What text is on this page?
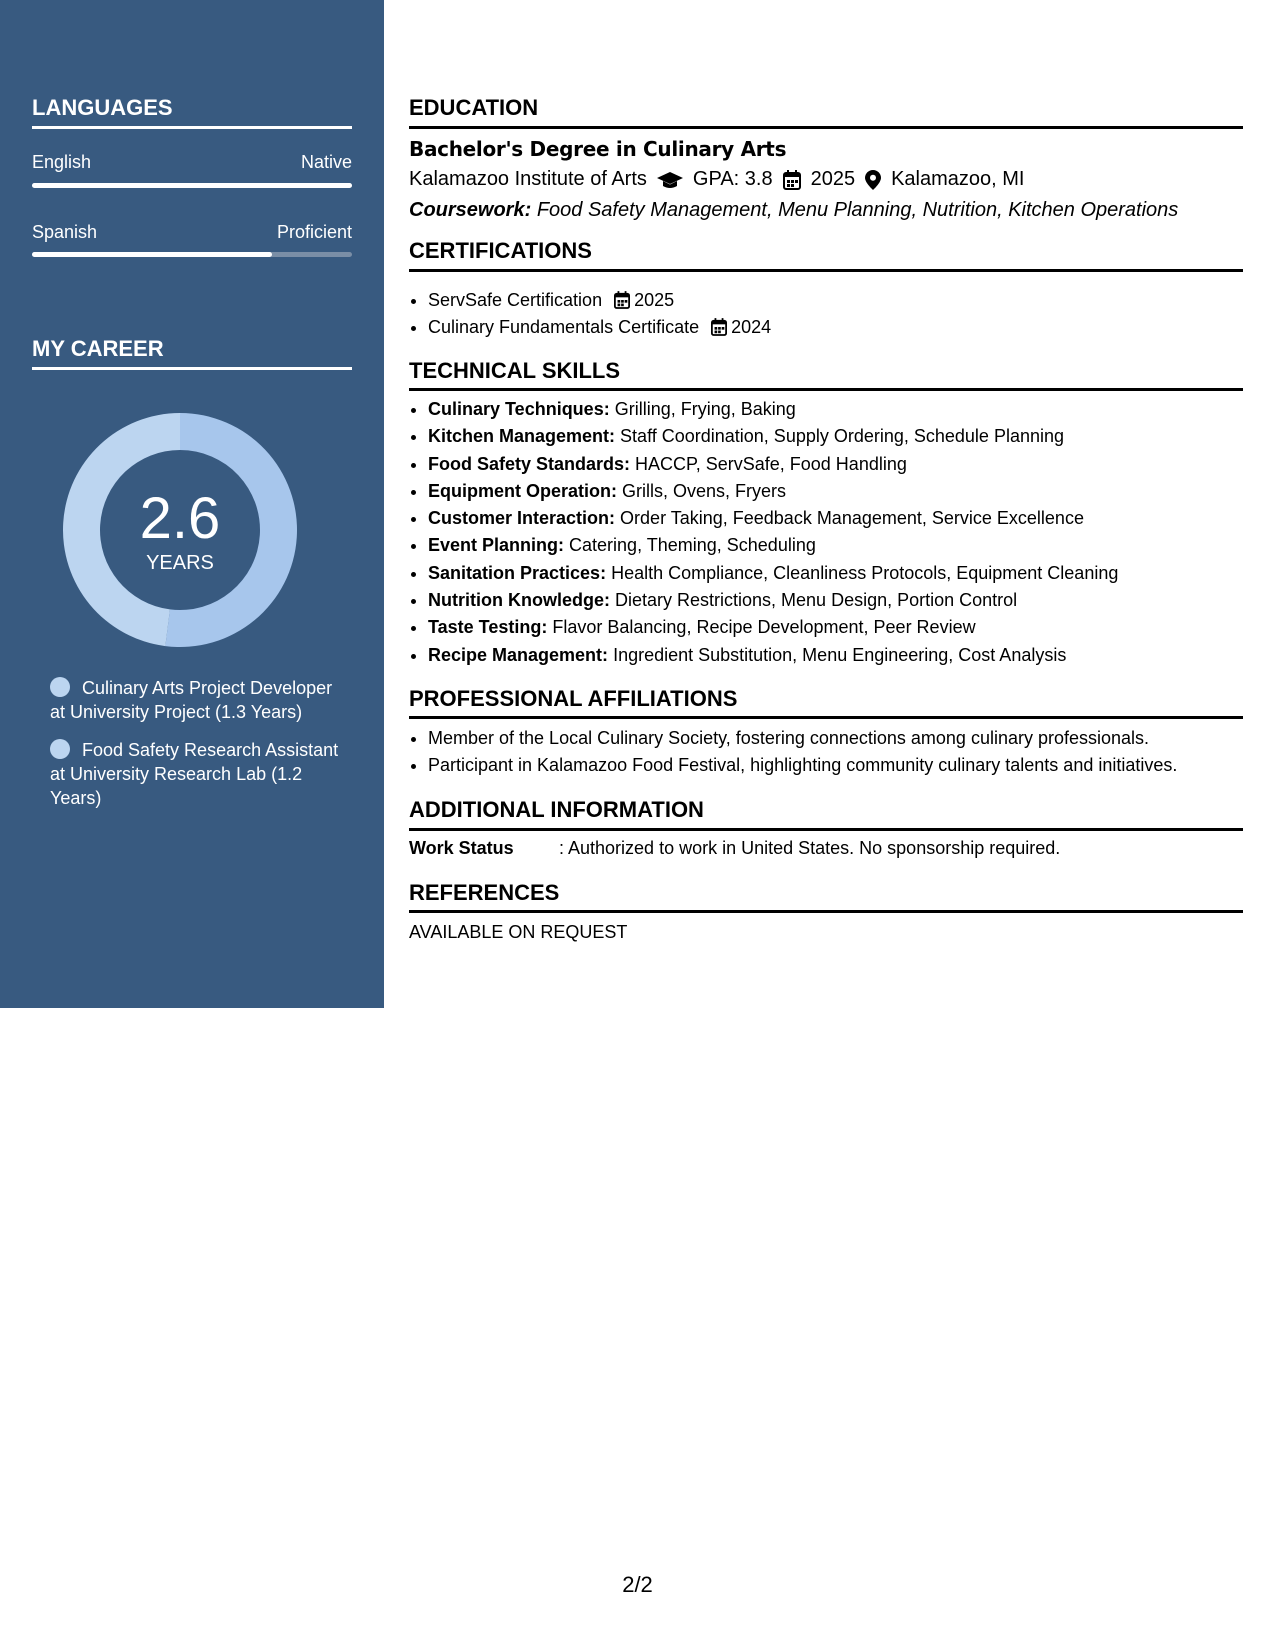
LANGUAGES
English	Native
Spanish	Proficient
MY CAREER
2.6
YEARS
Culinary Arts Project Developer at University Project (1.3 Years)
Food Safety Research Assistant at University Research Lab (1.2 Years)
EDUCATION
Bachelor's Degree in Culinary Arts
Kalamazoo Institute of Arts GPA: 3.8 2025 Kalamazoo, MI
Coursework: Food Safety Management, Menu Planning, Nutrition, Kitchen Operations
CERTIFICATIONS
• ServSafe Certification 2025
• Culinary Fundamentals Certificate 2024
TECHNICAL SKILLS
• Culinary Techniques: Grilling, Frying, Baking
• Kitchen Management: Staff Coordination, Supply Ordering, Schedule Planning
• Food Safety Standards: HACCP, ServSafe, Food Handling
• Equipment Operation: Grills, Ovens, Fryers
• Customer Interaction: Order Taking, Feedback Management, Service Excellence
• Event Planning: Catering, Theming, Scheduling
• Sanitation Practices: Health Compliance, Cleanliness Protocols, Equipment Cleaning
• Nutrition Knowledge: Dietary Restrictions, Menu Design, Portion Control
• Taste Testing: Flavor Balancing, Recipe Development, Peer Review
• Recipe Management: Ingredient Substitution, Menu Engineering, Cost Analysis
PROFESSIONAL AFFILIATIONS
• Member of the Local Culinary Society, fostering connections among culinary professionals.
• Participant in Kalamazoo Food Festival, highlighting community culinary talents and initiatives.
ADDITIONAL INFORMATION
Work Status	: Authorized to work in United States. No sponsorship required.
REFERENCES
AVAILABLE ON REQUEST
2/2
